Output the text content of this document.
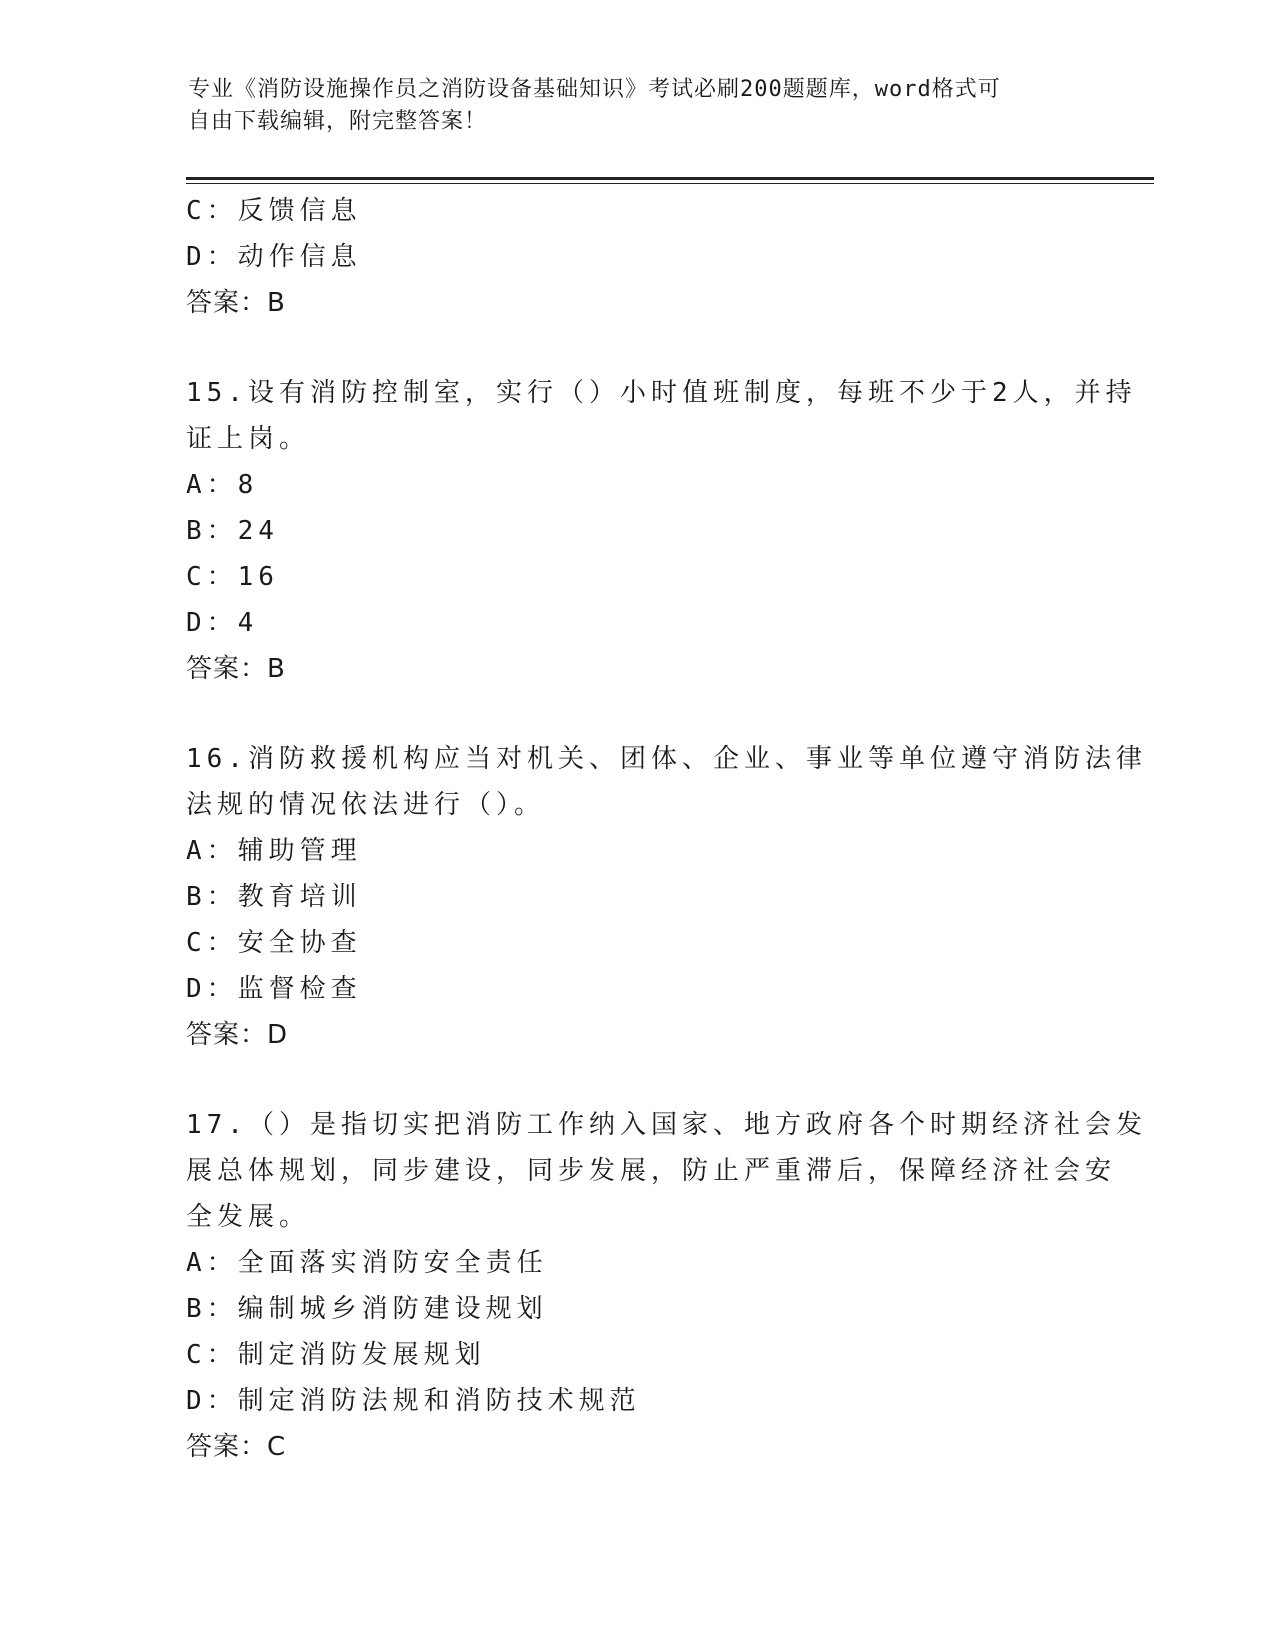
专业《消防设施操作员之消防设备基础知识》考试必刷200题题库，word格式可
自由下载编辑，附完整答案！
C：反馈信息
D：动作信息
答案：B
15.设有消防控制室，实行（）小时值班制度，每班不少于2人，并持
证上岗。
A：8
B：24
C：16
D：4
答案：B
16.消防救援机构应当对机关、团体、企业、事业等单位遵守消防法律
法规的情况依法进行（）。
A：辅助管理
B：教育培训
C：安全协查
D：监督检查
答案：D
17.（）是指切实把消防工作纳入国家、地方政府各个时期经济社会发
展总体规划，同步建设，同步发展，防止严重滞后，保障经济社会安
全发展。
A：全面落实消防安全责任
B：编制城乡消防建设规划
C：制定消防发展规划
D：制定消防法规和消防技术规范
答案：C
